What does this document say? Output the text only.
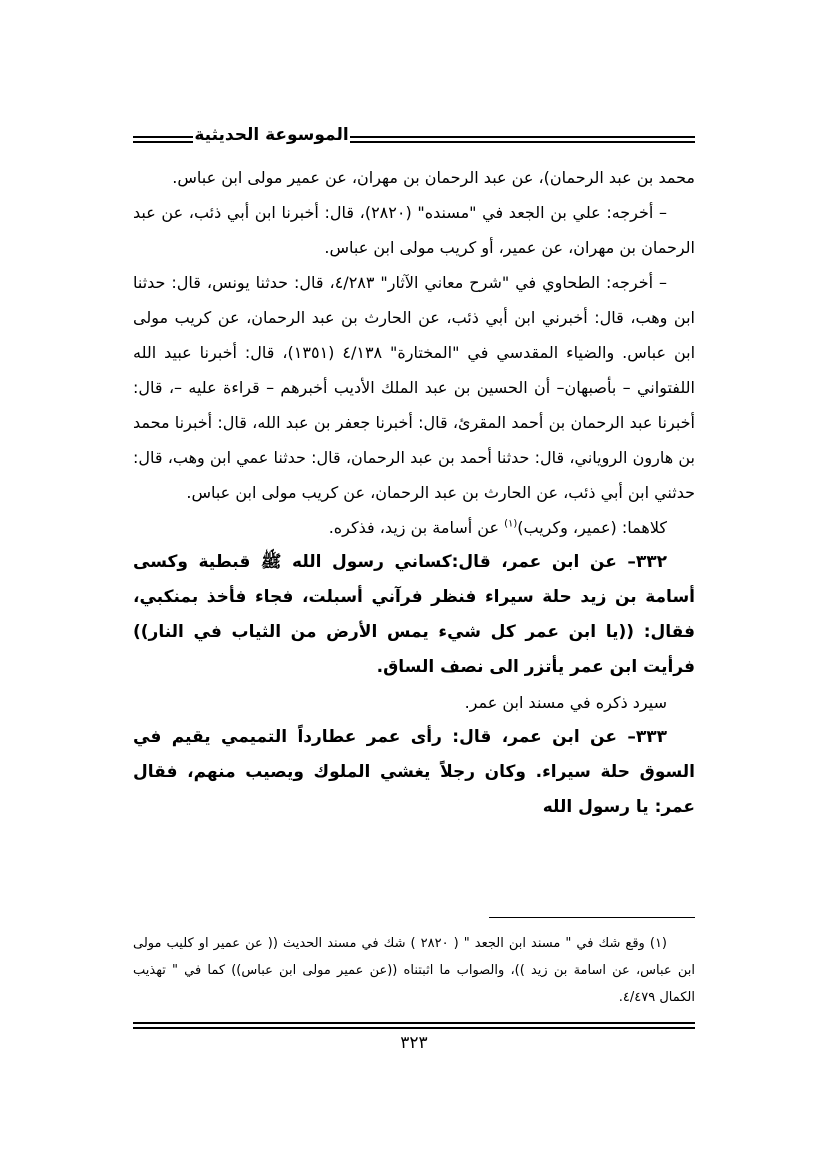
الموسوعة الحديثية

محمد بن عبد الرحمان)، عن عبد الرحمان بن مهران، عن عمير مولى ابن عباس.

– أخرجه: علي بن الجعد في "مسنده" (٢٨٢٠)، قال: أخبرنا ابن أبي ذئب، عن عبد الرحمان بن مهران، عن عمير، أو كريب مولى ابن عباس.

– أخرجه: الطحاوي في "شرح معاني الآثار" ٤/٢٨٣، قال: حدثنا يونس، قال: حدثنا ابن وهب، قال: أخبرني ابن أبي ذئب، عن الحارث بن عبد الرحمان، عن كريب مولى ابن عباس. والضياء المقدسي في "المختارة" ٤/١٣٨ (١٣٥١)، قال: أخبرنا عبيد الله اللفتواني – بأصبهان– أن الحسين بن عبد الملك الأديب أخبرهم – قراءة عليه –، قال: أخبرنا عبد الرحمان بن أحمد المقرئ، قال: أخبرنا جعفر بن عبد الله، قال: أخبرنا محمد بن هارون الروياني، قال: حدثنا أحمد بن عبد الرحمان، قال: حدثنا عمي ابن وهب، قال: حدثني ابن أبي ذئب، عن الحارث بن عبد الرحمان، عن كريب مولى ابن عباس.

كلاهما: (عمير، وكريب)$^{(١)}$ عن أسامة بن زيد، فذكره.

٣٣٢– عن ابن عمر، قال:كساني رسول الله ﷺ قبطية وكسى أسامة بن زيد حلة سيراء فنظر فرآني أسبلت، فجاء فأخذ بمنكبي، فقال: ((يا ابن عمر كل شيء يمس الأرض من الثياب في النار)) فرأيت ابن عمر يأتزر الى نصف الساق.

سيرد ذكره في مسند ابن عمر.

٣٣٣– عن ابن عمر، قال: رأى عمر عطارداً التميمي يقيم في السوق حلة سيراء. وكان رجلاً يغشي الملوك ويصيب منهم، فقال عمر: يا رسول الله

(١) وقع شك في " مسند ابن الجعد " ( ٢٨٢٠ ) شك في مسند الحديث (( عن عمير او كليب مولى ابن عباس، عن اسامة بن زيد ))، والصواب ما اثبتناه ((عن عمير مولى ابن عباس)) كما في " تهذيب الكمال ٤/٤٧٩.

٣٢٣
